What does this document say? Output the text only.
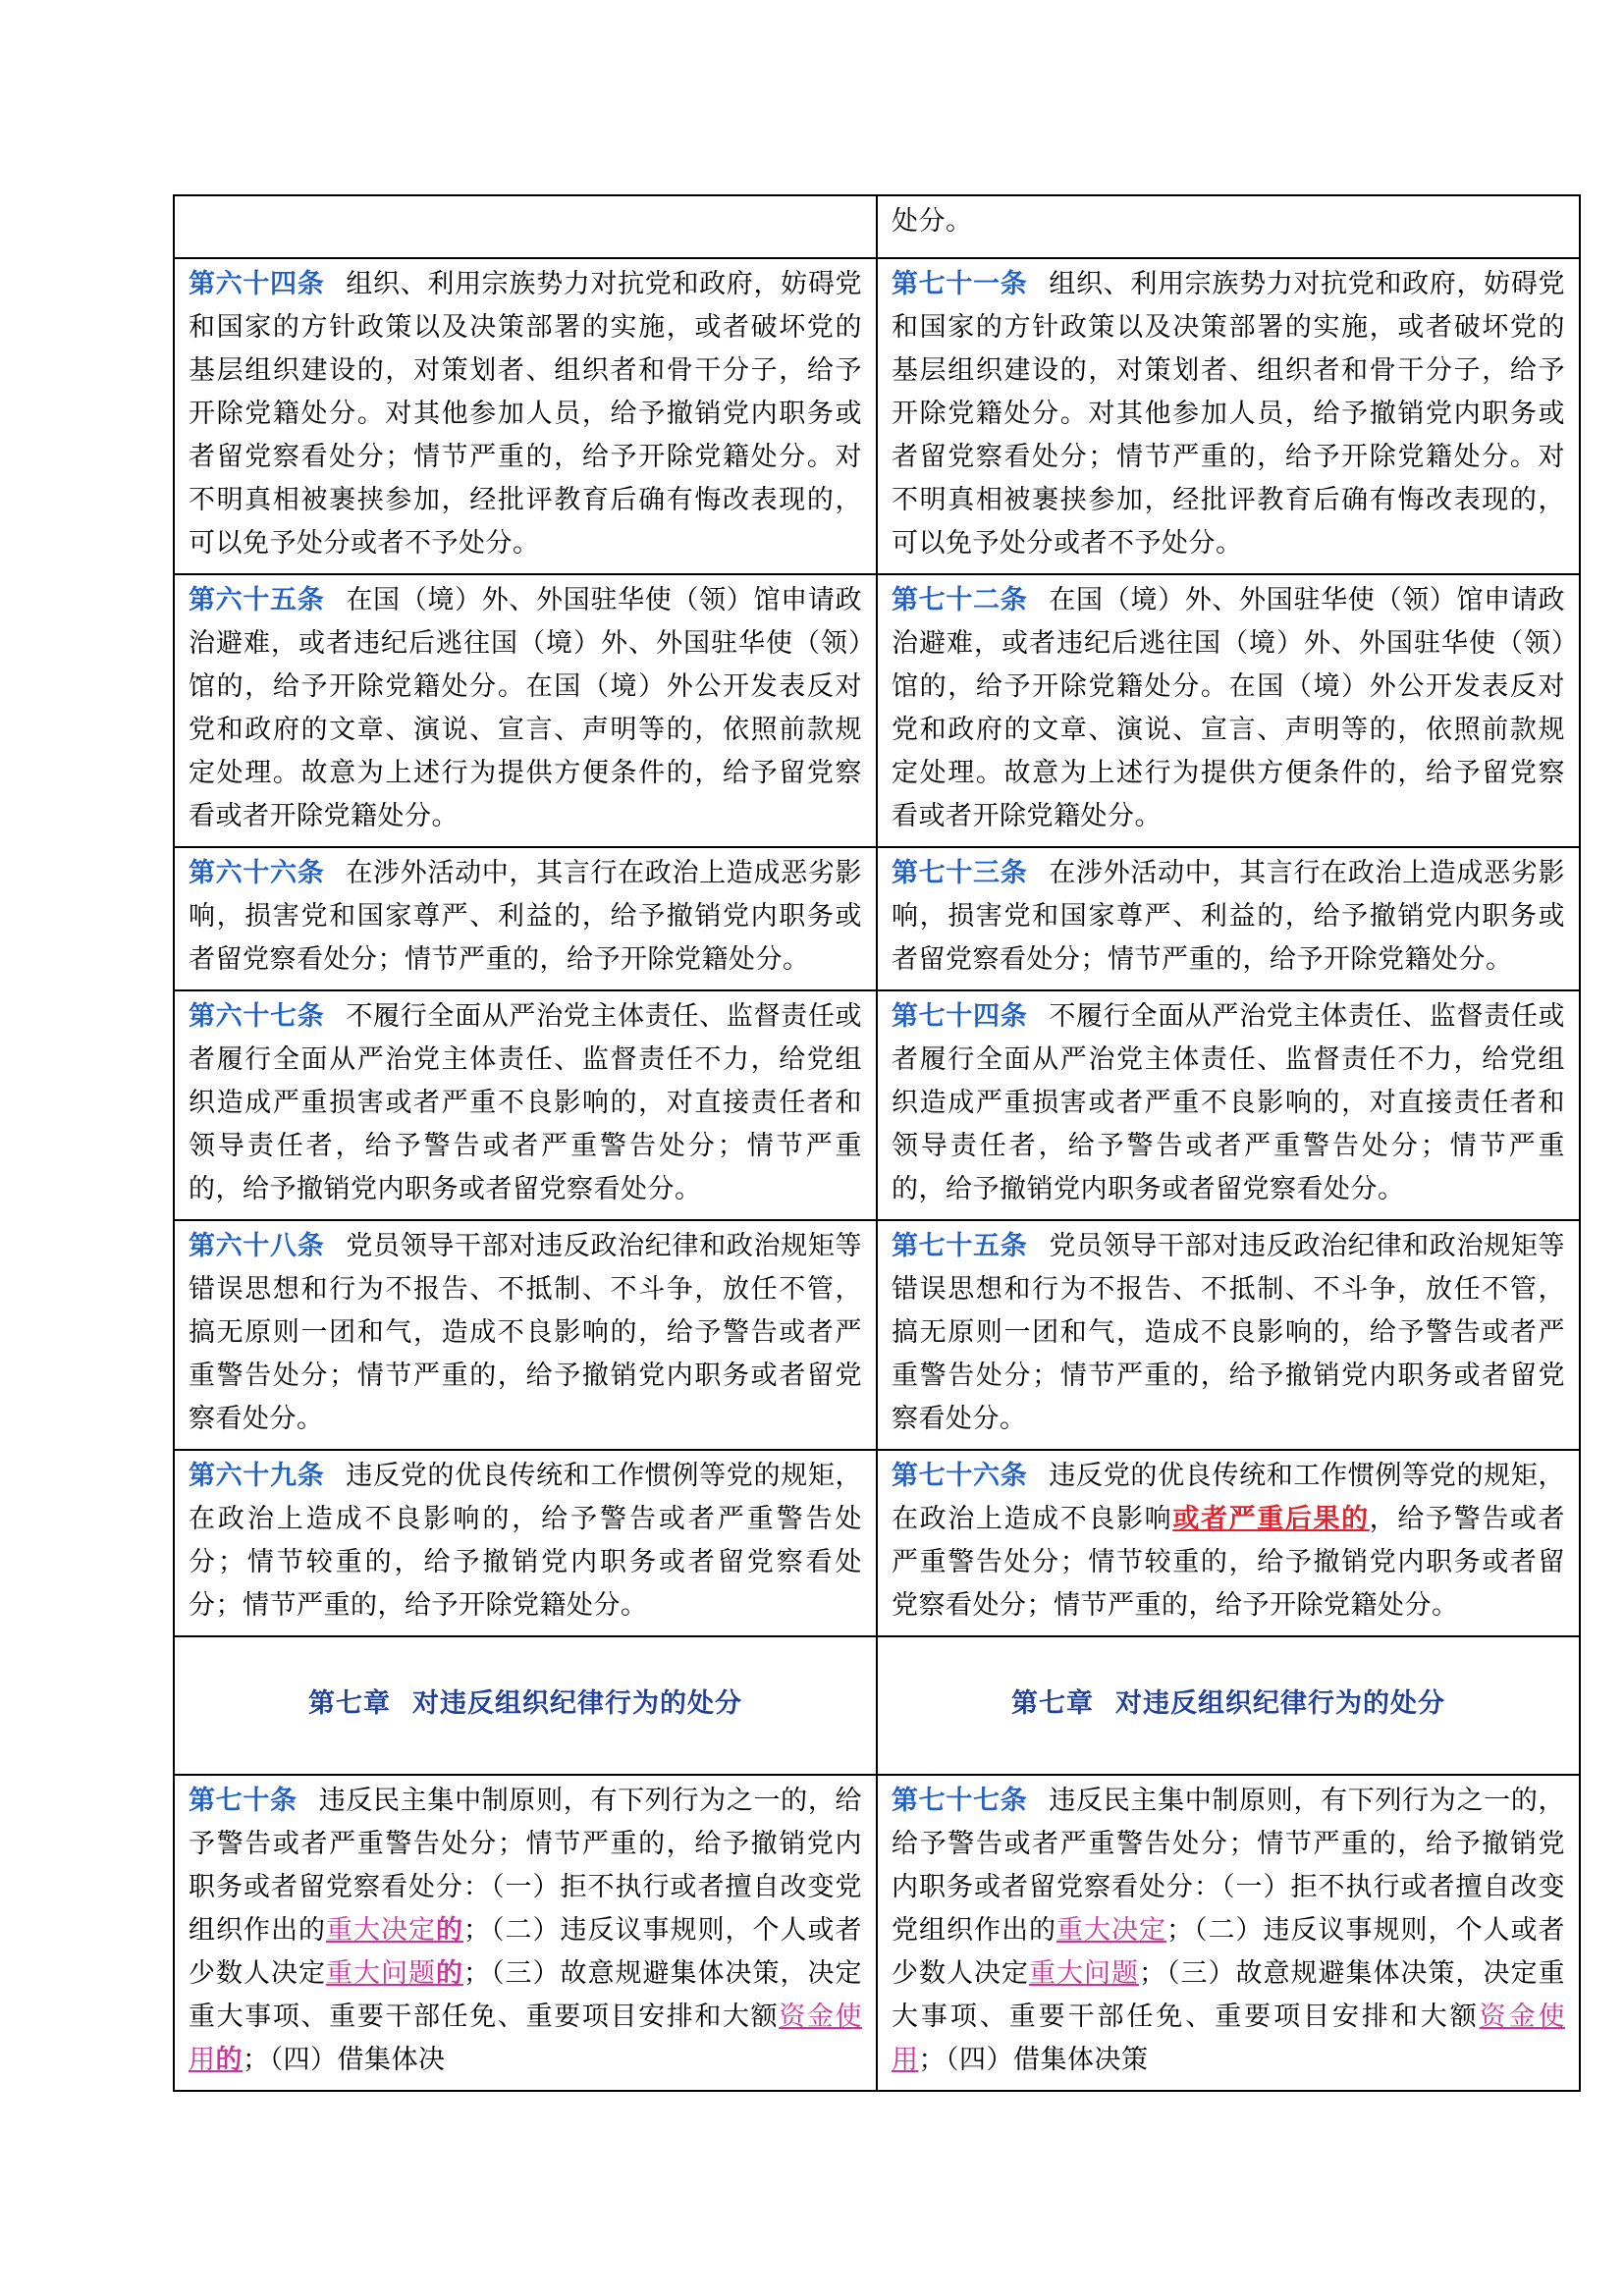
	处分。
第六十四条 组织、利用宗族势力对抗党和政府，妨碍党和国家的方针政策以及决策部署的实施，或者破坏党的基层组织建设的，对策划者、组织者和骨干分子，给予开除党籍处分。对其他参加人员，给予撤销党内职务或者留党察看处分；情节严重的，给予开除党籍处分。对不明真相被裹挟参加，经批评教育后确有悔改表现的，可以免予处分或者不予处分。	第七十一条 组织、利用宗族势力对抗党和政府，妨碍党和国家的方针政策以及决策部署的实施，或者破坏党的基层组织建设的，对策划者、组织者和骨干分子，给予开除党籍处分。对其他参加人员，给予撤销党内职务或者留党察看处分；情节严重的，给予开除党籍处分。对不明真相被裹挟参加，经批评教育后确有悔改表现的，可以免予处分或者不予处分。
第六十五条 在国（境）外、外国驻华使（领）馆申请政治避难，或者违纪后逃往国（境）外、外国驻华使（领）馆的，给予开除党籍处分。在国（境）外公开发表反对党和政府的文章、演说、宣言、声明等的，依照前款规定处理。故意为上述行为提供方便条件的，给予留党察看或者开除党籍处分。	第七十二条 在国（境）外、外国驻华使（领）馆申请政治避难，或者违纪后逃往国（境）外、外国驻华使（领）馆的，给予开除党籍处分。在国（境）外公开发表反对党和政府的文章、演说、宣言、声明等的，依照前款规定处理。故意为上述行为提供方便条件的，给予留党察看或者开除党籍处分。
第六十六条 在涉外活动中，其言行在政治上造成恶劣影响，损害党和国家尊严、利益的，给予撤销党内职务或者留党察看处分；情节严重的，给予开除党籍处分。	第七十三条 在涉外活动中，其言行在政治上造成恶劣影响，损害党和国家尊严、利益的，给予撤销党内职务或者留党察看处分；情节严重的，给予开除党籍处分。
第六十七条 不履行全面从严治党主体责任、监督责任或者履行全面从严治党主体责任、监督责任不力，给党组织造成严重损害或者严重不良影响的，对直接责任者和领导责任者，给予警告或者严重警告处分；情节严重的，给予撤销党内职务或者留党察看处分。	第七十四条 不履行全面从严治党主体责任、监督责任或者履行全面从严治党主体责任、监督责任不力，给党组织造成严重损害或者严重不良影响的，对直接责任者和领导责任者，给予警告或者严重警告处分；情节严重的，给予撤销党内职务或者留党察看处分。
第六十八条 党员领导干部对违反政治纪律和政治规矩等错误思想和行为不报告、不抵制、不斗争，放任不管，搞无原则一团和气，造成不良影响的，给予警告或者严重警告处分；情节严重的，给予撤销党内职务或者留党察看处分。	第七十五条 党员领导干部对违反政治纪律和政治规矩等错误思想和行为不报告、不抵制、不斗争，放任不管，搞无原则一团和气，造成不良影响的，给予警告或者严重警告处分；情节严重的，给予撤销党内职务或者留党察看处分。
第六十九条 违反党的优良传统和工作惯例等党的规矩，在政治上造成不良影响的，给予警告或者严重警告处分；情节较重的，给予撤销党内职务或者留党察看处分；情节严重的，给予开除党籍处分。	第七十六条 违反党的优良传统和工作惯例等党的规矩，在政治上造成不良影响或者严重后果的，给予警告或者严重警告处分；情节较重的，给予撤销党内职务或者留党察看处分；情节严重的，给予开除党籍处分。
第七章 对违反组织纪律行为的处分	第七章 对违反组织纪律行为的处分
第七十条 违反民主集中制原则，有下列行为之一的，给予警告或者严重警告处分；情节严重的，给予撤销党内职务或者留党察看处分：（一）拒不执行或者擅自改变党组织作出的重大决定的；（二）违反议事规则，个人或者少数人决定重大问题的；（三）故意规避集体决策，决定重大事项、重要干部任免、重要项目安排和大额资金使用的；（四）借集体决	第七十七条 违反民主集中制原则，有下列行为之一的，给予警告或者严重警告处分；情节严重的，给予撤销党内职务或者留党察看处分：（一）拒不执行或者擅自改变党组织作出的重大决定；（二）违反议事规则，个人或者少数人决定重大问题；（三）故意规避集体决策，决定重大事项、重要干部任免、重要项目安排和大额资金使用；（四）借集体决策
